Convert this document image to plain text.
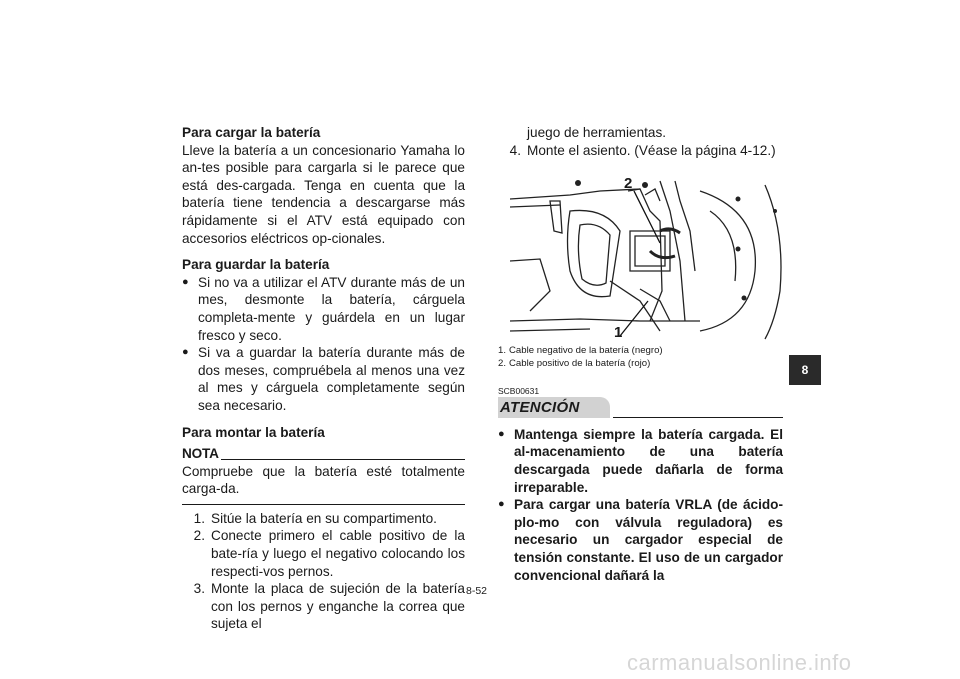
Para cargar la batería

Lleve la batería a un concesionario Yamaha lo an-tes posible para cargarla si le parece que está des-cargada. Tenga en cuenta que la batería tiene tendencia a descargarse más rápidamente si el ATV está equipado con accesorios eléctricos op-cionales.

Para guardar la batería
● Si no va a utilizar el ATV durante más de un mes, desmonte la batería, cárguela completa-mente y guárdela en un lugar fresco y seco.
● Si va a guardar la batería durante más de dos meses, compruébela al menos una vez al mes y cárguela completamente según sea necesario.
Para montar la batería
NOTA

Compruebe que la batería esté totalmente carga-da.

1. Sitúe la batería en su compartimento.
2. Conecte primero el cable positivo de la bate-ría y luego el negativo colocando los respecti-vos pernos.
3. Monte la placa de sujeción de la batería con los pernos y enganche la correa que sujeta el
juego de herramientas.
4. Monte el asiento. (Véase la página 4-12.)
2
1
1. Cable negativo de la batería (negro)
2. Cable positivo de la batería (rojo)
SCB00631
ATENCIÓN
● Mantenga siempre la batería cargada. El al-macenamiento de una batería descargada puede dañarla de forma irreparable.
● Para cargar una batería VRLA (de ácido-plo-mo con válvula reguladora) es necesario un cargador especial de tensión constante. El uso de un cargador convencional dañará la
8-52
8
carmanualsonline.info
